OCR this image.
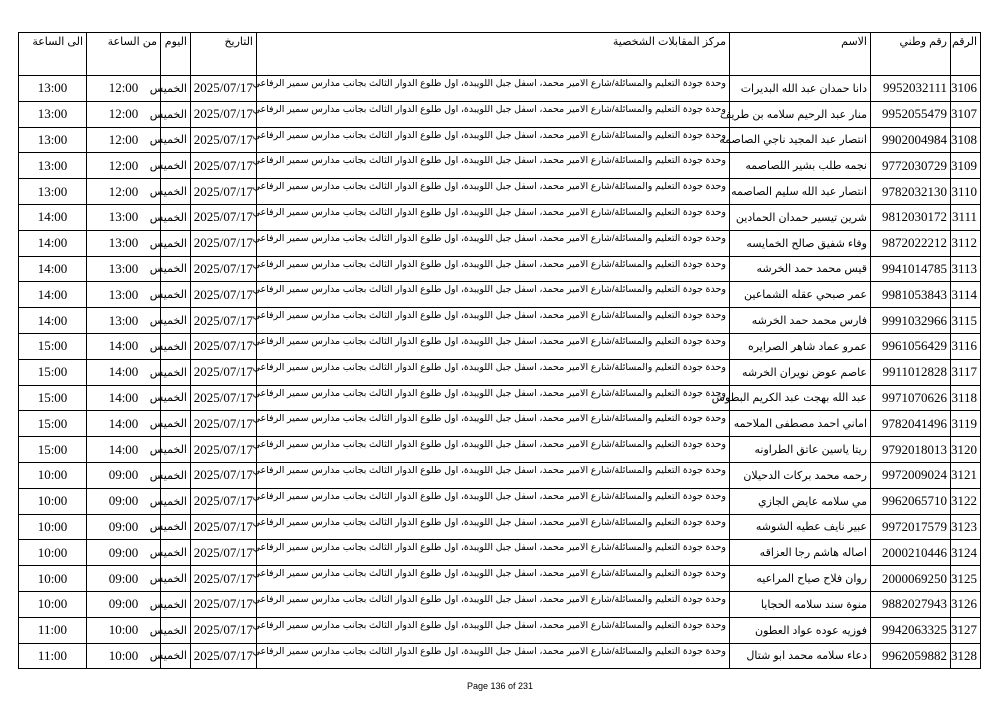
الرقم	رقم وطني	الاسم	مركز المقابلات الشخصية	التاريخ	اليوم	من الساعة	الى الساعة
3106	9952032111	دانا حمدان عبد الله البديرات	وحدة جودة التعليم والمسائلة/شارع الامير محمد، اسفل جبل اللويبدة، اول طلوع الدوار الثالث بجانب مدارس سمير الرفاعي	2025/07/17	الخميس	12:00	13:00
3107	9952055479	منار عبد الرحيم سلامه بن طريف	وحدة جودة التعليم والمسائلة/شارع الامير محمد، اسفل جبل اللويبدة، اول طلوع الدوار الثالث بجانب مدارس سمير الرفاعي	2025/07/17	الخميس	12:00	13:00
3108	9902004984	انتصار عبد المجيد ناجي الصاصمه	وحدة جودة التعليم والمسائلة/شارع الامير محمد، اسفل جبل اللويبدة، اول طلوع الدوار الثالث بجانب مدارس سمير الرفاعي	2025/07/17	الخميس	12:00	13:00
3109	9772030729	نجمه طلب بشير اللصاصمه	وحدة جودة التعليم والمسائلة/شارع الامير محمد، اسفل جبل اللويبدة، اول طلوع الدوار الثالث بجانب مدارس سمير الرفاعي	2025/07/17	الخميس	12:00	13:00
3110	9782032130	انتصار عبد الله سليم الصاصمه	وحدة جودة التعليم والمسائلة/شارع الامير محمد، اسفل جبل اللويبدة، اول طلوع الدوار الثالث بجانب مدارس سمير الرفاعي	2025/07/17	الخميس	12:00	13:00
3111	9812030172	شرين تيسير حمدان الحمادين	وحدة جودة التعليم والمسائلة/شارع الامير محمد، اسفل جبل اللويبدة، اول طلوع الدوار الثالث بجانب مدارس سمير الرفاعي	2025/07/17	الخميس	13:00	14:00
3112	9872022212	وفاء شفيق صالح الخمايسه	وحدة جودة التعليم والمسائلة/شارع الامير محمد، اسفل جبل اللويبدة، اول طلوع الدوار الثالث بجانب مدارس سمير الرفاعي	2025/07/17	الخميس	13:00	14:00
3113	9941014785	قيس محمد حمد الخرشه	وحدة جودة التعليم والمسائلة/شارع الامير محمد، اسفل جبل اللويبدة، اول طلوع الدوار الثالث بجانب مدارس سمير الرفاعي	2025/07/17	الخميس	13:00	14:00
3114	9981053843	عمر صبحي عقله الشماعين	وحدة جودة التعليم والمسائلة/شارع الامير محمد، اسفل جبل اللويبدة، اول طلوع الدوار الثالث بجانب مدارس سمير الرفاعي	2025/07/17	الخميس	13:00	14:00
3115	9991032966	فارس محمد حمد الخرشه	وحدة جودة التعليم والمسائلة/شارع الامير محمد، اسفل جبل اللويبدة، اول طلوع الدوار الثالث بجانب مدارس سمير الرفاعي	2025/07/17	الخميس	13:00	14:00
3116	9961056429	عمرو عماد شاهر الصرايره	وحدة جودة التعليم والمسائلة/شارع الامير محمد، اسفل جبل اللويبدة، اول طلوع الدوار الثالث بجانب مدارس سمير الرفاعي	2025/07/17	الخميس	14:00	15:00
3117	9911012828	عاصم عوض نويران الخرشه	وحدة جودة التعليم والمسائلة/شارع الامير محمد، اسفل جبل اللويبدة، اول طلوع الدوار الثالث بجانب مدارس سمير الرفاعي	2025/07/17	الخميس	14:00	15:00
3118	9971070626	عبد الله بهجت عبد الكريم البطوش	وحدة جودة التعليم والمسائلة/شارع الامير محمد، اسفل جبل اللويبدة، اول طلوع الدوار الثالث بجانب مدارس سمير الرفاعي	2025/07/17	الخميس	14:00	15:00
3119	9782041496	اماني احمد مصطفى الملاحمه	وحدة جودة التعليم والمسائلة/شارع الامير محمد، اسفل جبل اللويبدة، اول طلوع الدوار الثالث بجانب مدارس سمير الرفاعي	2025/07/17	الخميس	14:00	15:00
3120	9792018013	ريتا ياسين عاتق الطراونه	وحدة جودة التعليم والمسائلة/شارع الامير محمد، اسفل جبل اللويبدة، اول طلوع الدوار الثالث بجانب مدارس سمير الرفاعي	2025/07/17	الخميس	14:00	15:00
3121	9972009024	رحمه محمد بركات الدحيلان	وحدة جودة التعليم والمسائلة/شارع الامير محمد، اسفل جبل اللويبدة، اول طلوع الدوار الثالث بجانب مدارس سمير الرفاعي	2025/07/17	الخميس	09:00	10:00
3122	9962065710	مي سلامه عايض الجازي	وحدة جودة التعليم والمسائلة/شارع الامير محمد، اسفل جبل اللويبدة، اول طلوع الدوار الثالث بجانب مدارس سمير الرفاعي	2025/07/17	الخميس	09:00	10:00
3123	9972017579	عبير نايف عطيه الشوشه	وحدة جودة التعليم والمسائلة/شارع الامير محمد، اسفل جبل اللويبدة، اول طلوع الدوار الثالث بجانب مدارس سمير الرفاعي	2025/07/17	الخميس	09:00	10:00
3124	2000210446	اصاله هاشم رجا العزاقه	وحدة جودة التعليم والمسائلة/شارع الامير محمد، اسفل جبل اللويبدة، اول طلوع الدوار الثالث بجانب مدارس سمير الرفاعي	2025/07/17	الخميس	09:00	10:00
3125	2000069250	روان فلاح صياح المراعيه	وحدة جودة التعليم والمسائلة/شارع الامير محمد، اسفل جبل اللويبدة، اول طلوع الدوار الثالث بجانب مدارس سمير الرفاعي	2025/07/17	الخميس	09:00	10:00
3126	9882027943	منوة سند سلامه الحجايا	وحدة جودة التعليم والمسائلة/شارع الامير محمد، اسفل جبل اللويبدة، اول طلوع الدوار الثالث بجانب مدارس سمير الرفاعي	2025/07/17	الخميس	09:00	10:00
3127	9942063325	فوزيه عوده عواد العطون	وحدة جودة التعليم والمسائلة/شارع الامير محمد، اسفل جبل اللويبدة، اول طلوع الدوار الثالث بجانب مدارس سمير الرفاعي	2025/07/17	الخميس	10:00	11:00
3128	9962059882	دعاء سلامه محمد ابو شتال	وحدة جودة التعليم والمسائلة/شارع الامير محمد، اسفل جبل اللويبدة، اول طلوع الدوار الثالث بجانب مدارس سمير الرفاعي	2025/07/17	الخميس	10:00	11:00
Page 136 of 231
